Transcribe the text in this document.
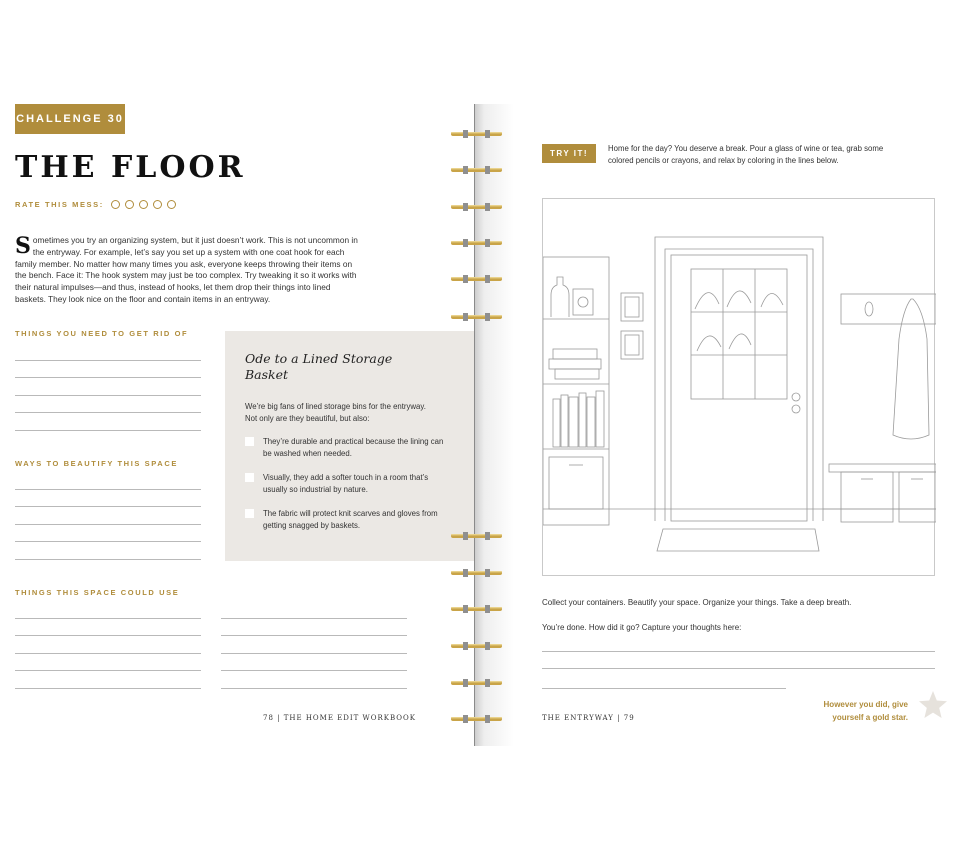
CHALLENGE 30
THE FLOOR
RATE THIS MESS:
Sometimes you try an organizing system, but it just doesn’t work. This is not uncommon in the entryway. For example, let’s say you set up a system with one coat hook for each family member. No matter how many times you ask, everyone keeps throwing their items on the bench. Face it: The hook system may just be too complex. Try tweaking it so it works with their natural impulses—and thus, instead of hooks, let them drop their things into lined baskets. They look nice on the floor and contain items in an entryway.
THINGS YOU NEED TO GET RID OF
WAYS TO BEAUTIFY THIS SPACE
THINGS THIS SPACE COULD USE
Ode to a Lined Storage Basket
We’re big fans of lined storage bins for the entryway. Not only are they beautiful, but also:
They’re durable and practical because the lining can be washed when needed.
Visually, they add a softer touch in a room that’s usually so industrial by nature.
The fabric will protect knit scarves and gloves from getting snagged by baskets.
78 | THE HOME EDIT WORKBOOK
TRY IT!
Home for the day? You deserve a break. Pour a glass of wine or tea, grab some colored pencils or crayons, and relax by coloring in the lines below.
Collect your containers. Beautify your space. Organize your things. Take a deep breath.
You’re done. How did it go? Capture your thoughts here:
THE ENTRYWAY | 79
However you did, give yourself a gold star.
